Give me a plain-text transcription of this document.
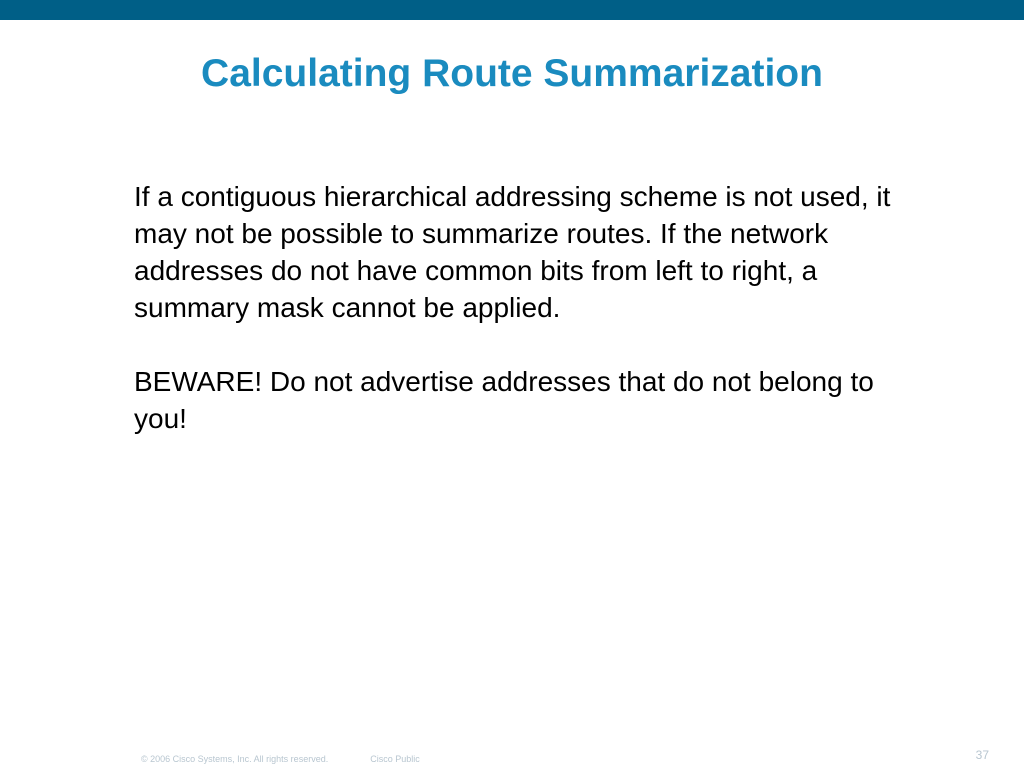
Calculating Route Summarization

If a contiguous hierarchical addressing scheme is not used, it may not be possible to summarize routes. If the network addresses do not have common bits from left to right, a summary mask cannot be applied.

BEWARE! Do not advertise addresses that do not belong to you!

© 2006 Cisco Systems, Inc. All rights reserved.	Cisco Public	37
